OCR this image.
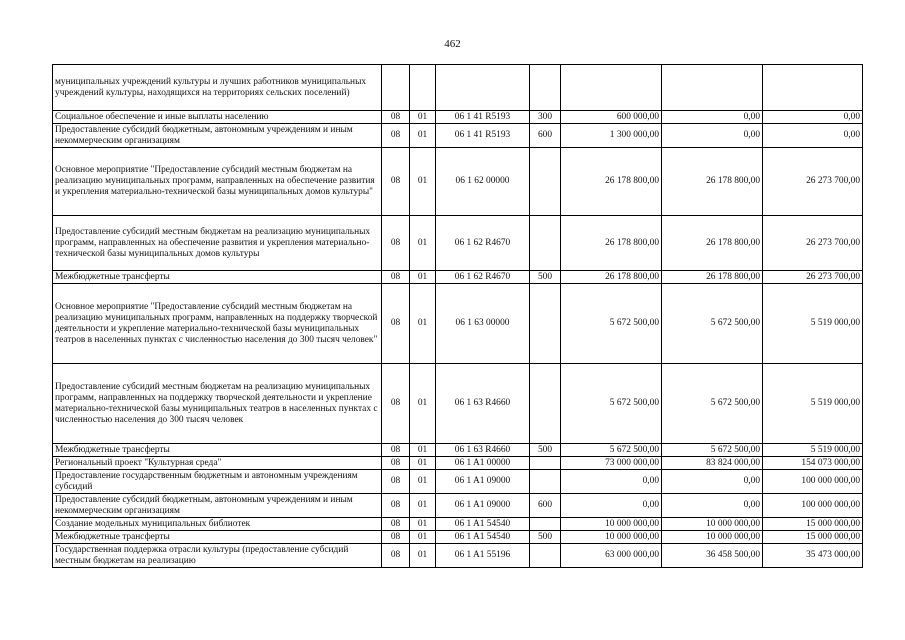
462
муниципальных учреждений культуры и лучших работников муниципальных учреждений культуры, находящихся на территориях сельских поселений)							
Социальное обеспечение и иные выплаты населению	08	01	06 1 41 R5193	300	600 000,00	0,00	0,00
Предоставление субсидий бюджетным, автономным учреждениям и иным некоммерческим организациям	08	01	06 1 41 R5193	600	1 300 000,00	0,00	0,00
Основное мероприятие "Предоставление субсидий местным бюджетам на реализацию муниципальных программ, направленных на обеспечение развития и укрепления материально-технической базы муниципальных домов культуры"	08	01	06 1 62 00000		26 178 800,00	26 178 800,00	26 273 700,00
Предоставление субсидий местным бюджетам на реализацию муниципальных программ, направленных на обеспечение развития и укрепления материально-технической базы муниципальных домов культуры	08	01	06 1 62 R4670		26 178 800,00	26 178 800,00	26 273 700,00
Межбюджетные трансферты	08	01	06 1 62 R4670	500	26 178 800,00	26 178 800,00	26 273 700,00
Основное мероприятие "Предоставление субсидий местным бюджетам на реализацию муниципальных программ, направленных на поддержку творческой деятельности и укрепление материально-технической базы муниципальных театров в населенных пунктах с численностью населения до 300 тысяч человек"	08	01	06 1 63 00000		5 672 500,00	5 672 500,00	5 519 000,00
Предоставление субсидий местным бюджетам на реализацию муниципальных программ, направленных на поддержку творческой деятельности и укрепление материально-технической базы муниципальных театров в населенных пунктах с численностью населения до 300 тысяч человек	08	01	06 1 63 R4660		5 672 500,00	5 672 500,00	5 519 000,00
Межбюджетные трансферты	08	01	06 1 63 R4660	500	5 672 500,00	5 672 500,00	5 519 000,00
Региональный проект "Культурная среда"	08	01	06 1 A1 00000		73 000 000,00	83 824 000,00	154 073 000,00
Предоставление государственным бюджетным и автономным учреждениям субсидий	08	01	06 1 A1 09000		0,00	0,00	100 000 000,00
Предоставление субсидий бюджетным, автономным учреждениям и иным некоммерческим организациям	08	01	06 1 A1 09000	600	0,00	0,00	100 000 000,00
Создание модельных муниципальных библиотек	08	01	06 1 A1 54540		10 000 000,00	10 000 000,00	15 000 000,00
Межбюджетные трансферты	08	01	06 1 A1 54540	500	10 000 000,00	10 000 000,00	15 000 000,00
Государственная поддержка отрасли культуры (предоставление субсидий местным бюджетам на реализацию	08	01	06 1 A1 55196		63 000 000,00	36 458 500,00	35 473 000,00
